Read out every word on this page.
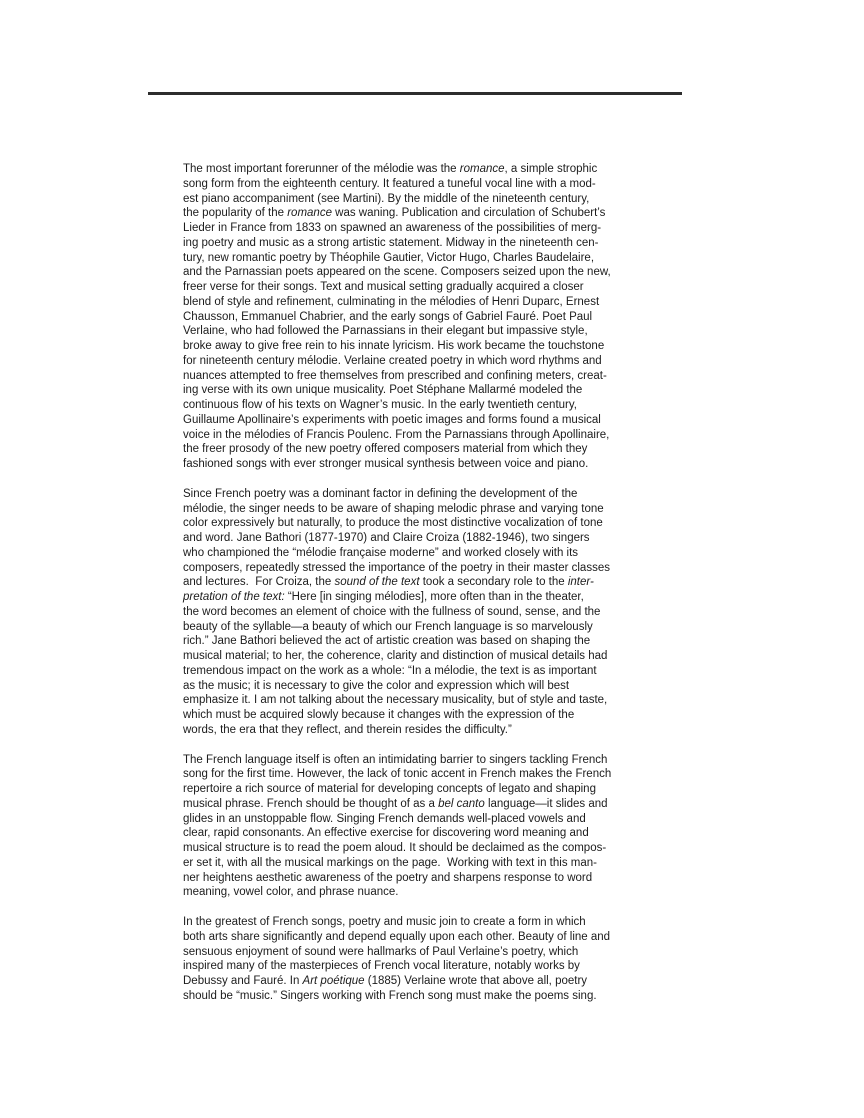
The most important forerunner of the mélodie was the romance, a simple strophic
song form from the eighteenth century. It featured a tuneful vocal line with a mod-
est piano accompaniment (see Martini). By the middle of the nineteenth century,
the popularity of the romance was waning. Publication and circulation of Schubert’s
Lieder in France from 1833 on spawned an awareness of the possibilities of merg-
ing poetry and music as a strong artistic statement. Midway in the nineteenth cen-
tury, new romantic poetry by Théophile Gautier, Victor Hugo, Charles Baudelaire,
and the Parnassian poets appeared on the scene. Composers seized upon the new,
freer verse for their songs. Text and musical setting gradually acquired a closer
blend of style and refinement, culminating in the mélodies of Henri Duparc, Ernest
Chausson, Emmanuel Chabrier, and the early songs of Gabriel Fauré. Poet Paul
Verlaine, who had followed the Parnassians in their elegant but impassive style,
broke away to give free rein to his innate lyricism. His work became the touchstone
for nineteenth century mélodie. Verlaine created poetry in which word rhythms and
nuances attempted to free themselves from prescribed and confining meters, creat-
ing verse with its own unique musicality. Poet Stéphane Mallarmé modeled the
continuous flow of his texts on Wagner’s music. In the early twentieth century,
Guillaume Apollinaire’s experiments with poetic images and forms found a musical
voice in the mélodies of Francis Poulenc. From the Parnassians through Apollinaire,
the freer prosody of the new poetry offered composers material from which they
fashioned songs with ever stronger musical synthesis between voice and piano.
Since French poetry was a dominant factor in defining the development of the
mélodie, the singer needs to be aware of shaping melodic phrase and varying tone
color expressively but naturally, to produce the most distinctive vocalization of tone
and word. Jane Bathori (1877-1970) and Claire Croiza (1882-1946), two singers
who championed the “mélodie française moderne” and worked closely with its
composers, repeatedly stressed the importance of the poetry in their master classes
and lectures.  For Croiza, the sound of the text took a secondary role to the inter-
pretation of the text: “Here [in singing mélodies], more often than in the theater,
the word becomes an element of choice with the fullness of sound, sense, and the
beauty of the syllable—a beauty of which our French language is so marvelously
rich.” Jane Bathori believed the act of artistic creation was based on shaping the
musical material; to her, the coherence, clarity and distinction of musical details had
tremendous impact on the work as a whole: “In a mélodie, the text is as important
as the music; it is necessary to give the color and expression which will best
emphasize it. I am not talking about the necessary musicality, but of style and taste,
which must be acquired slowly because it changes with the expression of the
words, the era that they reflect, and therein resides the difficulty.”
The French language itself is often an intimidating barrier to singers tackling French
song for the first time. However, the lack of tonic accent in French makes the French
repertoire a rich source of material for developing concepts of legato and shaping
musical phrase. French should be thought of as a bel canto language—it slides and
glides in an unstoppable flow. Singing French demands well-placed vowels and
clear, rapid consonants. An effective exercise for discovering word meaning and
musical structure is to read the poem aloud. It should be declaimed as the compos-
er set it, with all the musical markings on the page.  Working with text in this man-
ner heightens aesthetic awareness of the poetry and sharpens response to word
meaning, vowel color, and phrase nuance.
In the greatest of French songs, poetry and music join to create a form in which
both arts share significantly and depend equally upon each other. Beauty of line and
sensuous enjoyment of sound were hallmarks of Paul Verlaine’s poetry, which
inspired many of the masterpieces of French vocal literature, notably works by
Debussy and Fauré. In Art poétique (1885) Verlaine wrote that above all, poetry
should be “music.” Singers working with French song must make the poems sing.
